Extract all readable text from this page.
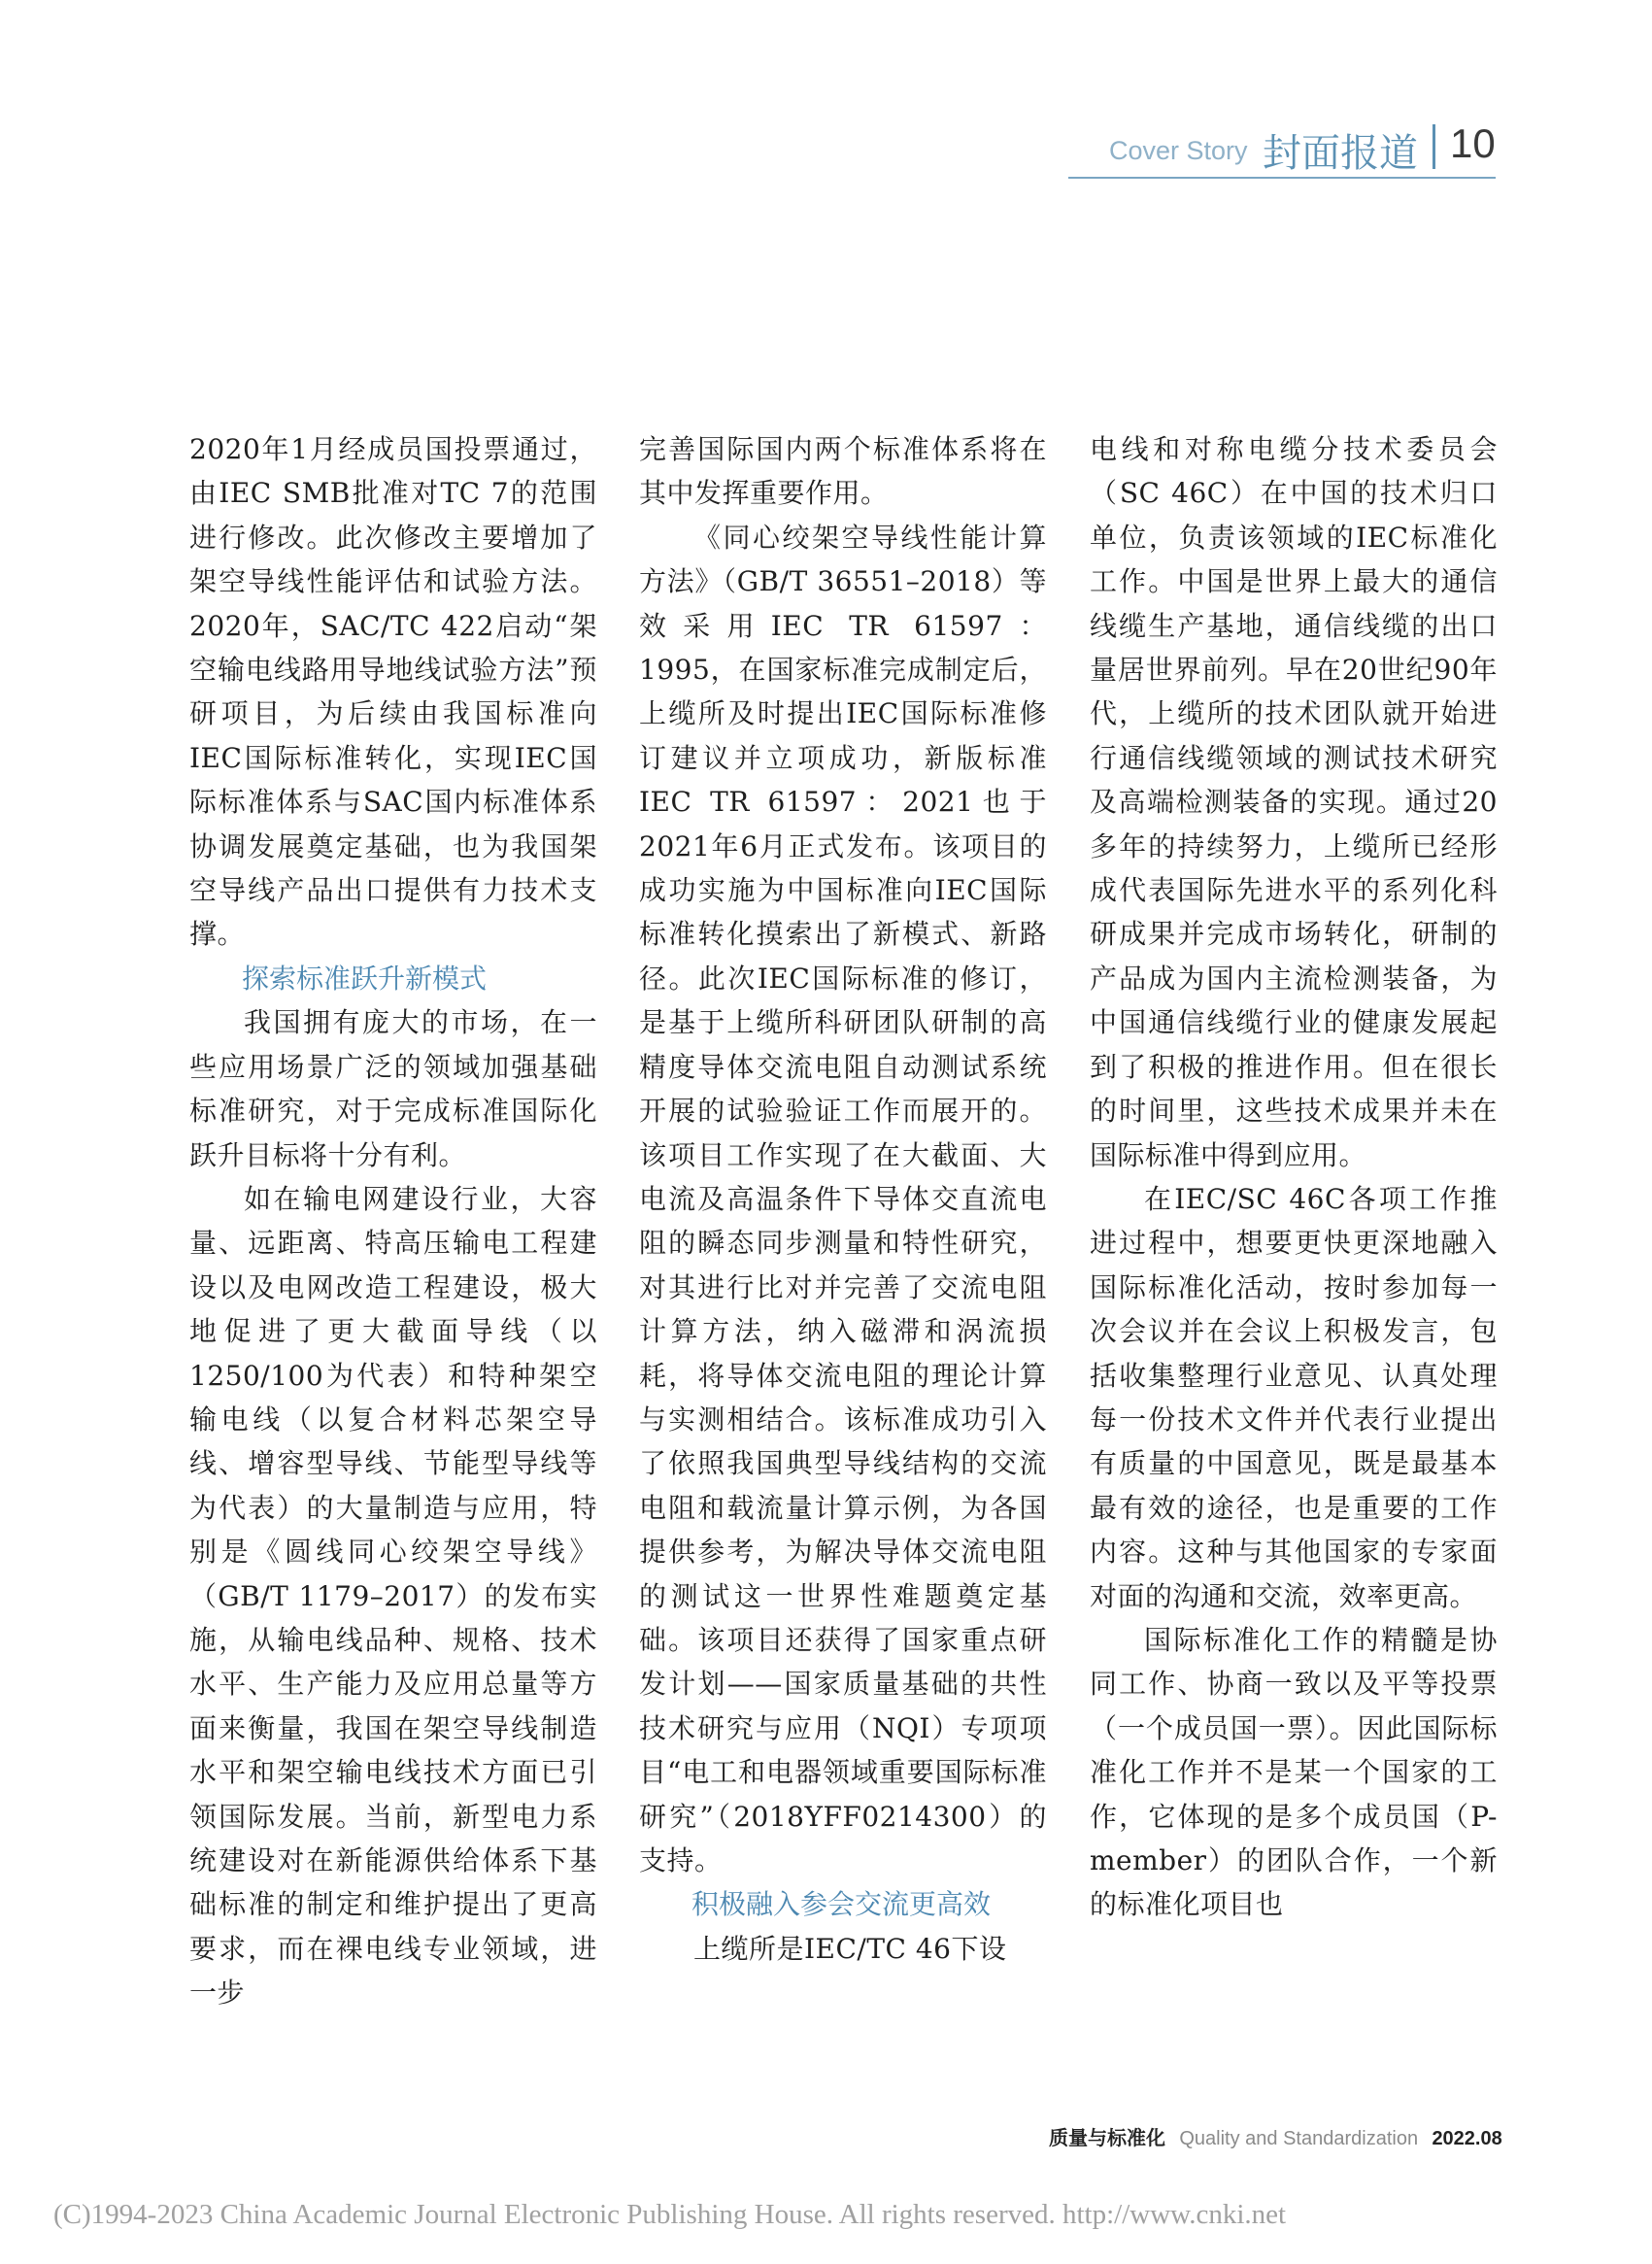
Cover Story 封面报道 10

2020年1月经成员国投票通过，由IEC SMB批准对TC 7的范围进行修改。此次修改主要增加了架空导线性能评估和试验方法。2020年，SAC/TC 422启动“架空输电线路用导地线试验方法”预研项目，为后续由我国标准向IEC国际标准转化，实现IEC国际标准体系与SAC国内标准体系协调发展奠定基础，也为我国架空导线产品出口提供有力技术支撑。

探索标准跃升新模式

我国拥有庞大的市场，在一些应用场景广泛的领域加强基础标准研究，对于完成标准国际化跃升目标将十分有利。

如在输电网建设行业，大容量、远距离、特高压输电工程建设以及电网改造工程建设，极大地促进了更大截面导线（以1250/100为代表）和特种架空输电线（以复合材料芯架空导线、增容型导线、节能型导线等为代表）的大量制造与应用，特别是《圆线同心绞架空导线》（GB/T 1179–2017）的发布实施，从输电线品种、规格、技术水平、生产能力及应用总量等方面来衡量，我国在架空导线制造水平和架空输电线技术方面已引领国际发展。当前，新型电力系统建设对在新能源供给体系下基础标准的制定和维护提出了更高要求，而在裸电线专业领域，进一步

完善国际国内两个标准体系将在其中发挥重要作用。

《同心绞架空导线性能计算方法》（GB/T 36551–2018）等效采用IEC TR 61597：1995，在国家标准完成制定后，上缆所及时提出IEC国际标准修订建议并立项成功，新版标准IEC TR 61597：2021也于2021年6月正式发布。该项目的成功实施为中国标准向IEC国际标准转化摸索出了新模式、新路径。此次IEC国际标准的修订，是基于上缆所科研团队研制的高精度导体交流电阻自动测试系统开展的试验验证工作而展开的。该项目工作实现了在大截面、大电流及高温条件下导体交直流电阻的瞬态同步测量和特性研究，对其进行比对并完善了交流电阻计算方法，纳入磁滞和涡流损耗，将导体交流电阻的理论计算与实测相结合。该标准成功引入了依照我国典型导线结构的交流电阻和载流量计算示例，为各国提供参考，为解决导体交流电阻的测试这一世界性难题奠定基础。该项目还获得了国家重点研发计划——国家质量基础的共性技术研究与应用（NQI）专项项目“电工和电器领域重要国际标准研究”（2018YFF0214300）的支持。

积极融入参会交流更高效

上缆所是IEC/TC 46下设

电线和对称电缆分技术委员会（SC 46C）在中国的技术归口单位，负责该领域的IEC标准化工作。中国是世界上最大的通信线缆生产基地，通信线缆的出口量居世界前列。早在20世纪90年代，上缆所的技术团队就开始进行通信线缆领域的测试技术研究及高端检测装备的实现。通过20多年的持续努力，上缆所已经形成代表国际先进水平的系列化科研成果并完成市场转化，研制的产品成为国内主流检测装备，为中国通信线缆行业的健康发展起到了积极的推进作用。但在很长的时间里，这些技术成果并未在国际标准中得到应用。

在IEC/SC 46C各项工作推进过程中，想要更快更深地融入国际标准化活动，按时参加每一次会议并在会议上积极发言，包括收集整理行业意见、认真处理每一份技术文件并代表行业提出有质量的中国意见，既是最基本最有效的途径，也是重要的工作内容。这种与其他国家的专家面对面的沟通和交流，效率更高。

国际标准化工作的精髓是协同工作、协商一致以及平等投票（一个成员国一票）。因此国际标准化工作并不是某一个国家的工作，它体现的是多个成员国（P-member）的团队合作，一个新的标准化项目也

质量与标准化 Quality and Standardization 2022.08
(C)1994-2023 China Academic Journal Electronic Publishing House. All rights reserved. http://www.cnki.net
